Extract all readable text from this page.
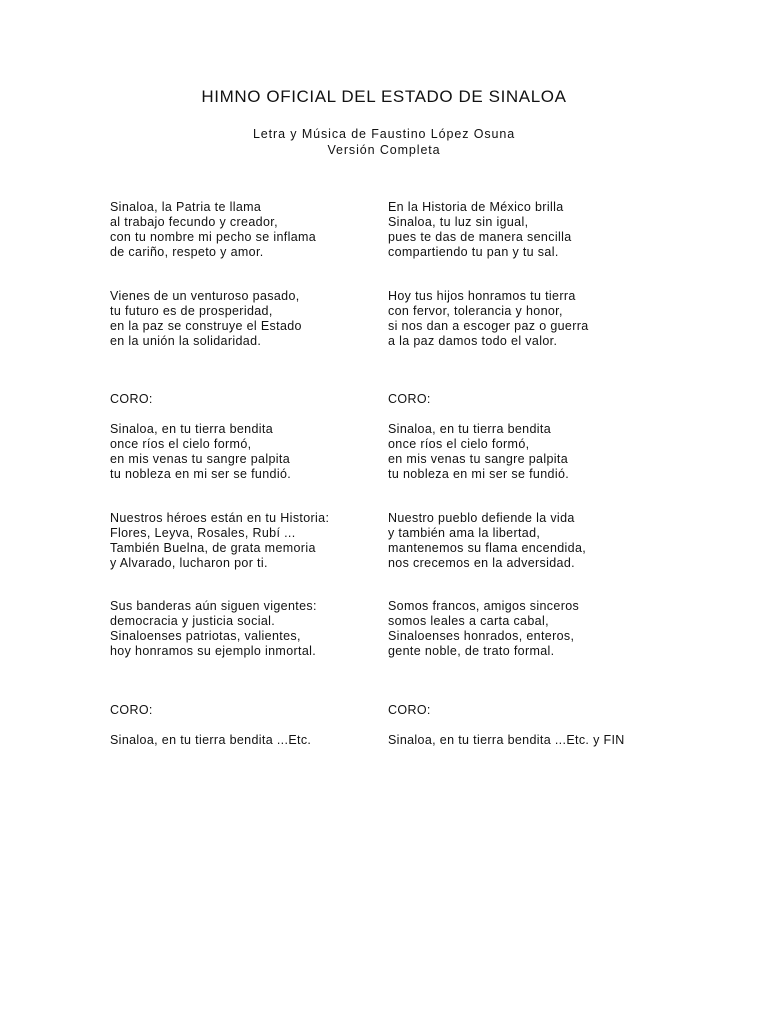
HIMNO OFICIAL DEL ESTADO DE SINALOA
Letra y Música de Faustino López Osuna
Versión Completa
Sinaloa, la Patria te llama
al trabajo fecundo y creador,
con tu nombre mi pecho se inflama
de cariño, respeto y amor.
Vienes de un venturoso pasado,
tu futuro es de prosperidad,
en la paz se construye el Estado
en la unión la solidaridad.
CORO:
Sinaloa, en tu tierra bendita
once ríos el cielo formó,
en mis venas tu sangre palpita
tu nobleza en mi ser se fundió.
Nuestros héroes están en tu Historia:
Flores, Leyva, Rosales, Rubí ...
También Buelna, de grata memoria
y Alvarado, lucharon por ti.
Sus banderas aún siguen vigentes:
democracia y justicia social.
Sinaloenses patriotas, valientes,
hoy honramos su ejemplo inmortal.
CORO:
Sinaloa, en tu tierra bendita ...Etc.
En la Historia de México brilla
Sinaloa, tu luz sin igual,
pues te das de manera sencilla
compartiendo tu pan y tu sal.
Hoy tus hijos honramos tu tierra
con fervor, tolerancia y honor,
si nos dan a escoger paz o guerra
a la paz damos todo el valor.
CORO:
Sinaloa, en tu tierra bendita
once ríos el cielo formó,
en mis venas tu sangre palpita
tu nobleza en mi ser se fundió.
Nuestro pueblo defiende la vida
y también ama la libertad,
mantenemos su flama encendida,
nos crecemos en la adversidad.
Somos francos, amigos sinceros
somos leales a carta cabal,
Sinaloenses honrados, enteros,
gente noble, de trato formal.
CORO:
Sinaloa, en tu tierra bendita ...Etc. y FIN
